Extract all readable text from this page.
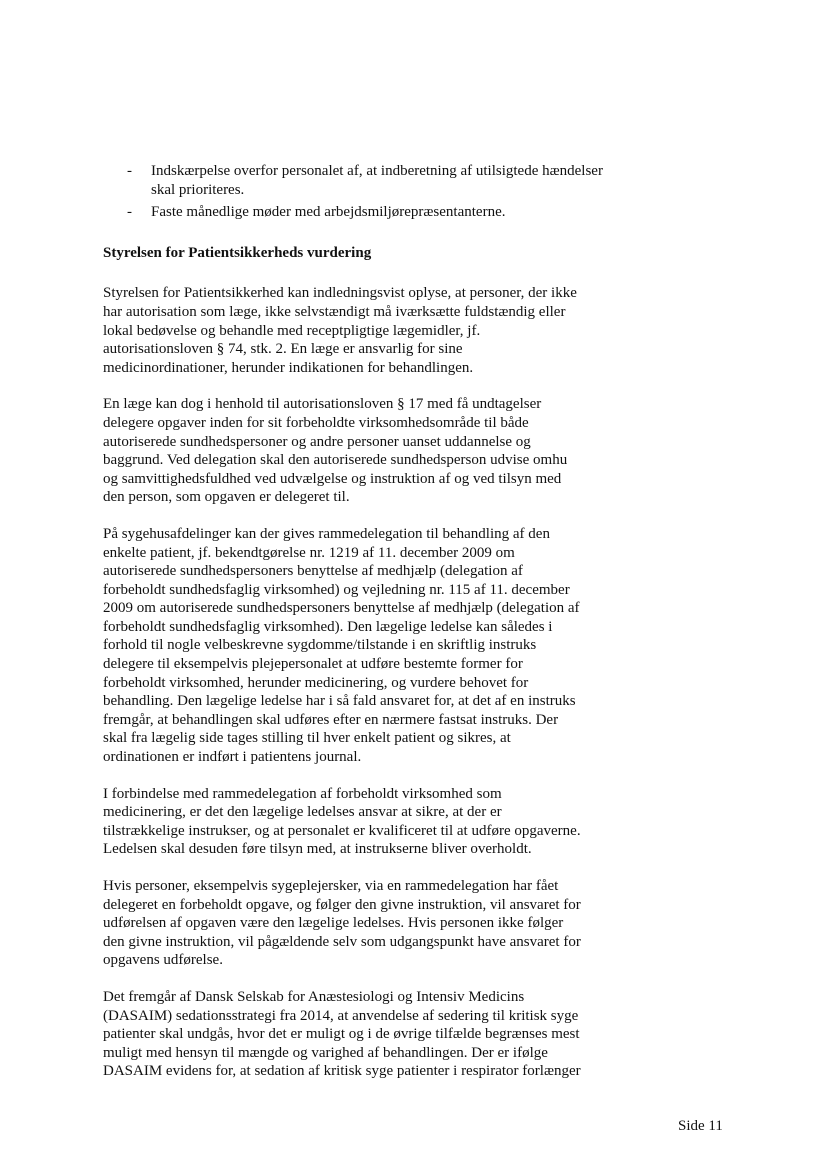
- Indskærpelse overfor personalet af, at indberetning af utilsigtede hændelser
skal prioriteres.
- Faste månedlige møder med arbejdsmiljørepræsentanterne.
Styrelsen for Patientsikkerheds vurdering
Styrelsen for Patientsikkerhed kan indledningsvist oplyse, at personer, der ikke
har autorisation som læge, ikke selvstændigt må iværksætte fuldstændig eller
lokal bedøvelse og behandle med receptpligtige lægemidler, jf.
autorisationsloven § 74, stk. 2. En læge er ansvarlig for sine
medicinordinationer, herunder indikationen for behandlingen.
En læge kan dog i henhold til autorisationsloven § 17 med få undtagelser
delegere opgaver inden for sit forbeholdte virksomhedsområde til både
autoriserede sundhedspersoner og andre personer uanset uddannelse og
baggrund. Ved delegation skal den autoriserede sundhedsperson udvise omhu
og samvittighedsfuldhed ved udvælgelse og instruktion af og ved tilsyn med
den person, som opgaven er delegeret til.
På sygehusafdelinger kan der gives rammedelegation til behandling af den
enkelte patient, jf. bekendtgørelse nr. 1219 af 11. december 2009 om
autoriserede sundhedspersoners benyttelse af medhjælp (delegation af
forbeholdt sundhedsfaglig virksomhed) og vejledning nr. 115 af 11. december
2009 om autoriserede sundhedspersoners benyttelse af medhjælp (delegation af
forbeholdt sundhedsfaglig virksomhed). Den lægelige ledelse kan således i
forhold til nogle velbeskrevne sygdomme/tilstande i en skriftlig instruks
delegere til eksempelvis plejepersonalet at udføre bestemte former for
forbeholdt virksomhed, herunder medicinering, og vurdere behovet for
behandling. Den lægelige ledelse har i så fald ansvaret for, at det af en instruks
fremgår, at behandlingen skal udføres efter en nærmere fastsat instruks. Der
skal fra lægelig side tages stilling til hver enkelt patient og sikres, at
ordinationen er indført i patientens journal.
I forbindelse med rammedelegation af forbeholdt virksomhed som
medicinering, er det den lægelige ledelses ansvar at sikre, at der er
tilstrækkelige instrukser, og at personalet er kvalificeret til at udføre opgaverne.
Ledelsen skal desuden føre tilsyn med, at instrukserne bliver overholdt.
Hvis personer, eksempelvis sygeplejersker, via en rammedelegation har fået
delegeret en forbeholdt opgave, og følger den givne instruktion, vil ansvaret for
udførelsen af opgaven være den lægelige ledelses. Hvis personen ikke følger
den givne instruktion, vil pågældende selv som udgangspunkt have ansvaret for
opgavens udførelse.
Det fremgår af Dansk Selskab for Anæstesiologi og Intensiv Medicins
(DASAIM) sedationsstrategi fra 2014, at anvendelse af sedering til kritisk syge
patienter skal undgås, hvor det er muligt og i de øvrige tilfælde begrænses mest
muligt med hensyn til mængde og varighed af behandlingen. Der er ifølge
DASAIM evidens for, at sedation af kritisk syge patienter i respirator forlænger
Side 11
